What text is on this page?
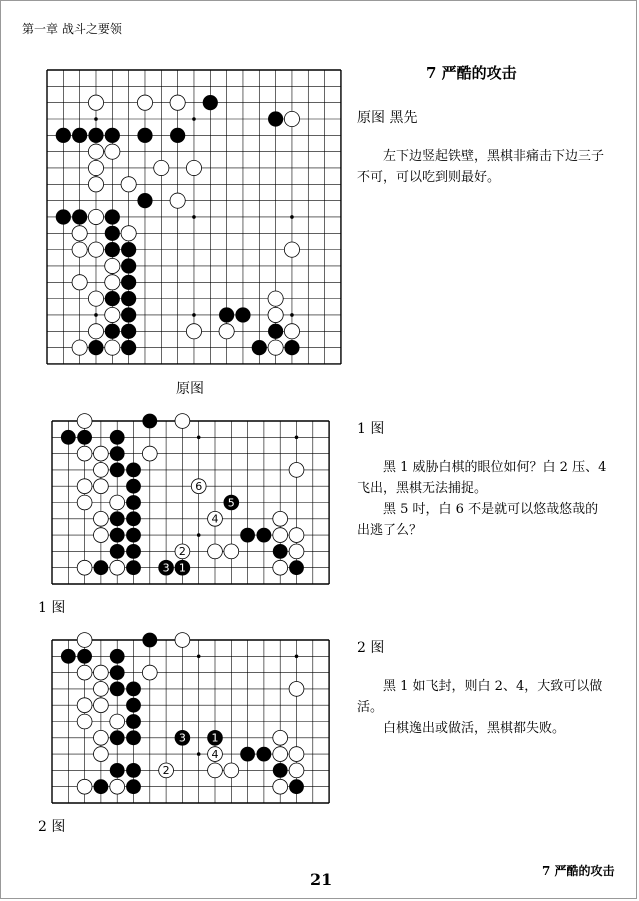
第一章 战斗之要领
7 严酷的攻击
3 1
2
6
5
4
3 1
4
2
原图 黑先
左下边竖起铁壁，黑棋非痛击下边三子不可，可以吃到则最好。
原图
1 图
黑 1 威胁白棋的眼位如何？白 2 压、4 飞出，黑棋无法捕捉。
黑 5 吋，白 6 不是就可以悠哉悠哉的 出逃了么？
1 图
2 图
黑 1 如飞封，则白 2、4，大致可以做活。
白棋逸出或做活，黑棋都失败。
2 图
21	7 严酷的攻击
